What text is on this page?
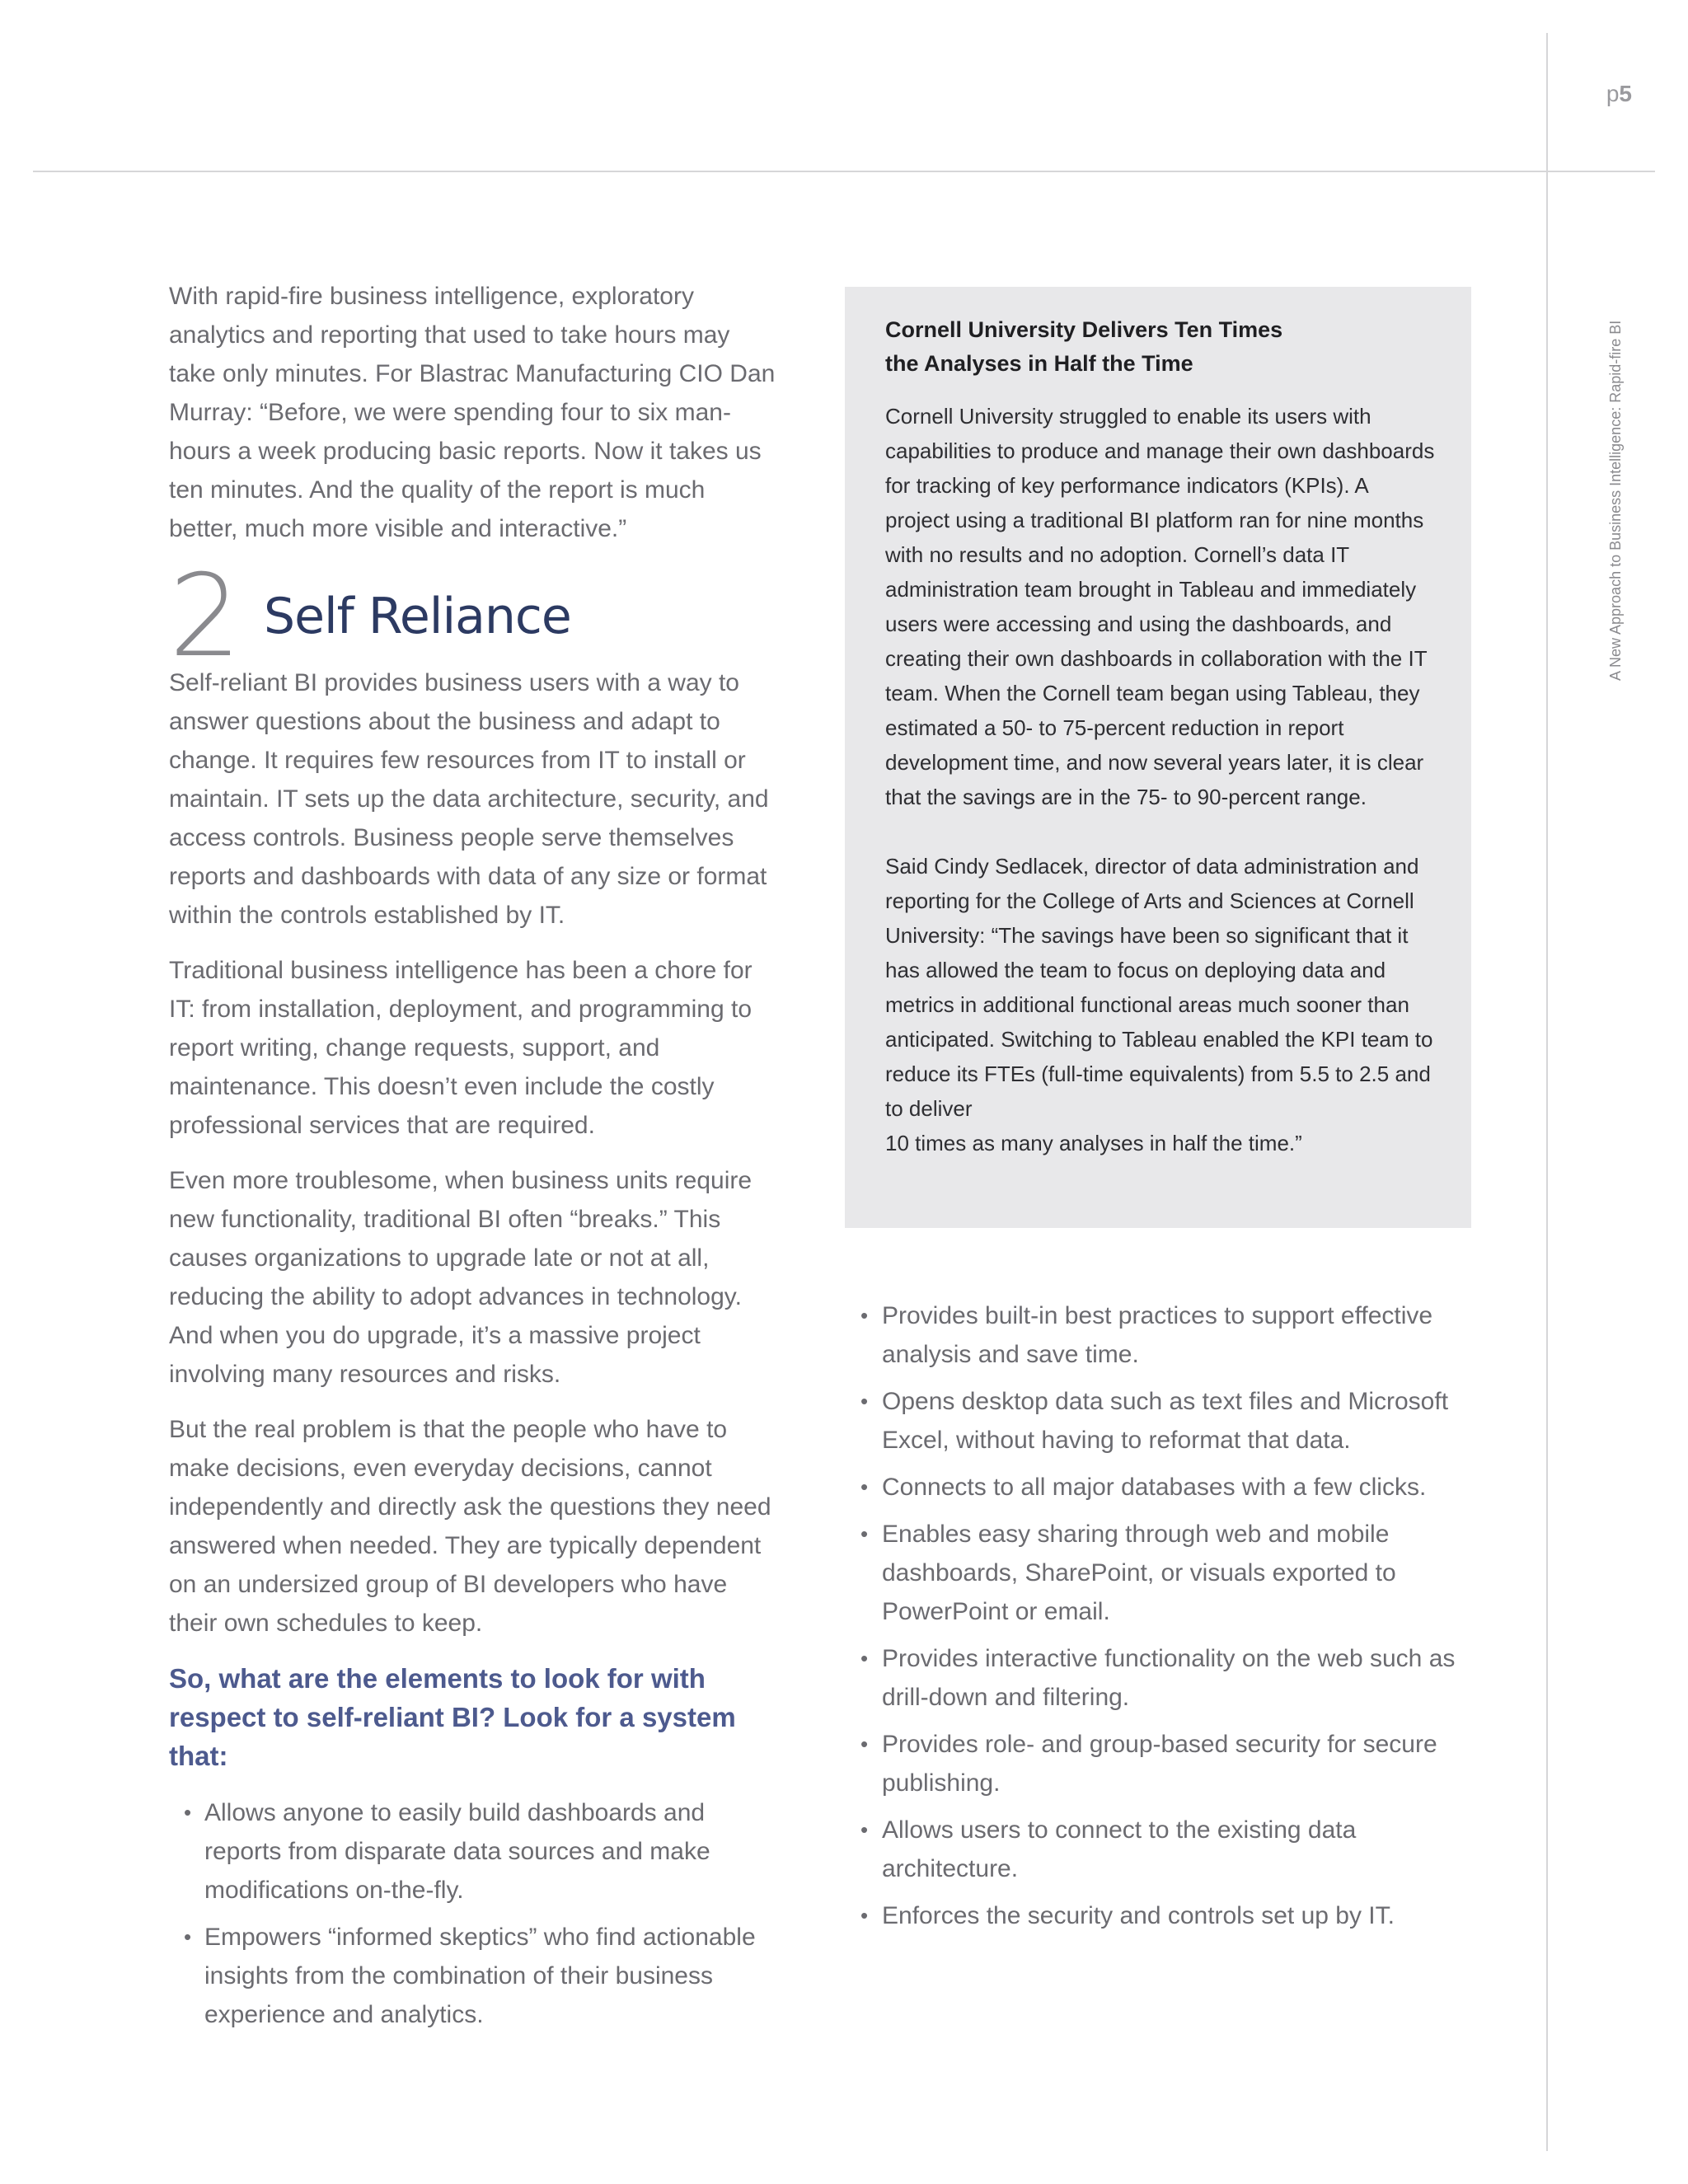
p5
A New Approach to Business Intelligence: Rapid-fire BI

With rapid-fire business intelligence, exploratory analytics and reporting that used to take hours may take only minutes. For Blastrac Manufacturing CIO Dan Murray: “Before, we were spending four to six man-hours a week producing basic reports. Now it takes us ten minutes. And the quality of the report is much better, much more visible and interactive.”

2 Self Reliance

Self-reliant BI provides business users with a way to answer questions about the business and adapt to change. It requires few resources from IT to install or maintain. IT sets up the data architecture, security, and access controls. Business people serve themselves reports and dashboards with data of any size or format within the controls established by IT.

Traditional business intelligence has been a chore for IT: from installation, deployment, and programming to report writing, change requests, support, and maintenance. This doesn’t even include the costly professional services that are required.

Even more troublesome, when business units require new functionality, traditional BI often “breaks.” This causes organizations to upgrade late or not at all, reducing the ability to adopt advances in technology. And when you do upgrade, it’s a massive project involving many resources and risks.

But the real problem is that the people who have to make decisions, even everyday decisions, cannot independently and directly ask the questions they need answered when needed. They are typically dependent on an undersized group of BI developers who have their own schedules to keep.

So, what are the elements to look for with respect to self-reliant BI? Look for a system that:

• Allows anyone to easily build dashboards and reports from disparate data sources and make modifications on-the-fly.
• Empowers “informed skeptics” who find actionable insights from the combination of their business experience and analytics.

Cornell University Delivers Ten Times
the Analyses in Half the Time

Cornell University struggled to enable its users with capabilities to produce and manage their own dashboards for tracking of key performance indicators (KPIs). A project using a traditional BI platform ran for nine months with no results and no adoption. Cornell’s data IT administration team brought in Tableau and immediately users were accessing and using the dashboards, and creating their own dashboards in collaboration with the IT team. When the Cornell team began using Tableau, they estimated a 50- to 75-percent reduction in report development time, and now several years later, it is clear that the savings are in the 75- to 90-percent range.

Said Cindy Sedlacek, director of data administration and reporting for the College of Arts and Sciences at Cornell University: “The savings have been so significant that it has allowed the team to focus on deploying data and metrics in additional functional areas much sooner than anticipated. Switching to Tableau enabled the KPI team to reduce its FTEs (full-time equivalents) from 5.5 to 2.5 and to deliver

10 times as many analyses in half the time.”

• Provides built-in best practices to support effective analysis and save time.
• Opens desktop data such as text files and Microsoft Excel, without having to reformat that data.
• Connects to all major databases with a few clicks.
• Enables easy sharing through web and mobile dashboards, SharePoint, or visuals exported to PowerPoint or email.
• Provides interactive functionality on the web such as drill-down and filtering.
• Provides role- and group-based security for secure publishing.
• Allows users to connect to the existing data architecture.
• Enforces the security and controls set up by IT.
